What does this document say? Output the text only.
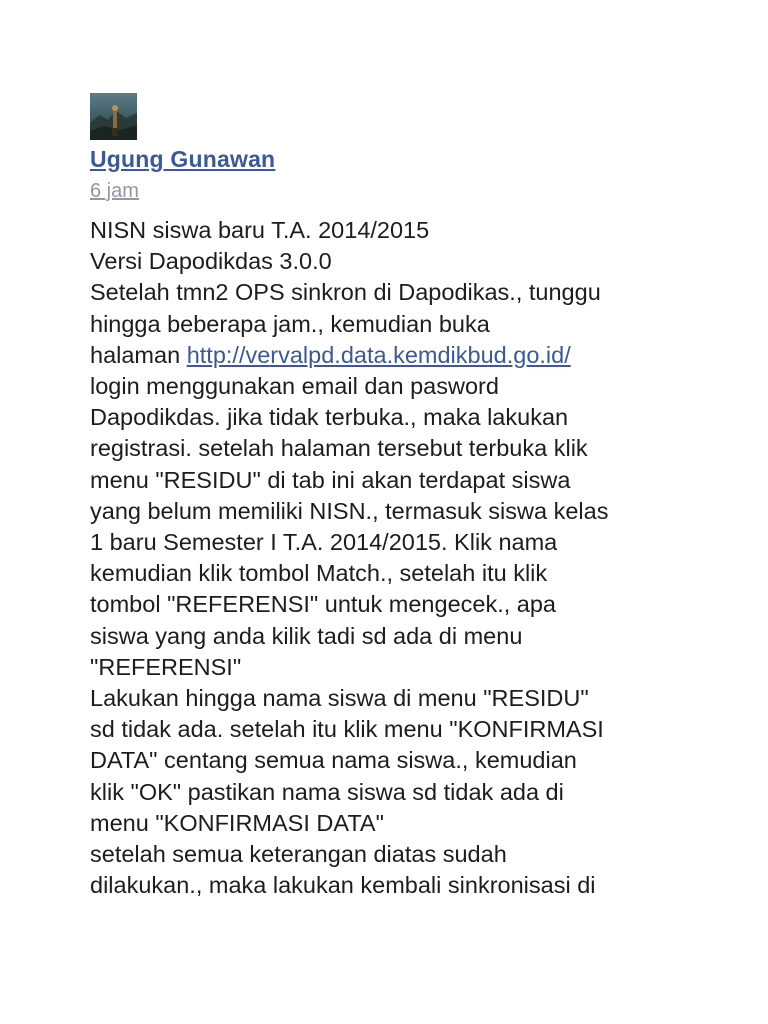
Ugung Gunawan
6 jam
NISN siswa baru T.A. 2014/2015
Versi Dapodikdas 3.0.0
Setelah tmn2 OPS sinkron di Dapodikas., tunggu
hingga beberapa jam., kemudian buka
halaman http://vervalpd.data.kemdikbud.go.id/
login menggunakan email dan pasword
Dapodikdas. jika tidak terbuka., maka lakukan
registrasi. setelah halaman tersebut terbuka klik
menu "RESIDU" di tab ini akan terdapat siswa
yang belum memiliki NISN., termasuk siswa kelas
1 baru Semester I T.A. 2014/2015. Klik nama
kemudian klik tombol Match., setelah itu klik
tombol "REFERENSI" untuk mengecek., apa
siswa yang anda kilik tadi sd ada di menu
"REFERENSI"
Lakukan hingga nama siswa di menu "RESIDU"
sd tidak ada. setelah itu klik menu "KONFIRMASI
DATA" centang semua nama siswa., kemudian
klik "OK" pastikan nama siswa sd tidak ada di
menu "KONFIRMASI DATA"
setelah semua keterangan diatas sudah
dilakukan., maka lakukan kembali sinkronisasi di
